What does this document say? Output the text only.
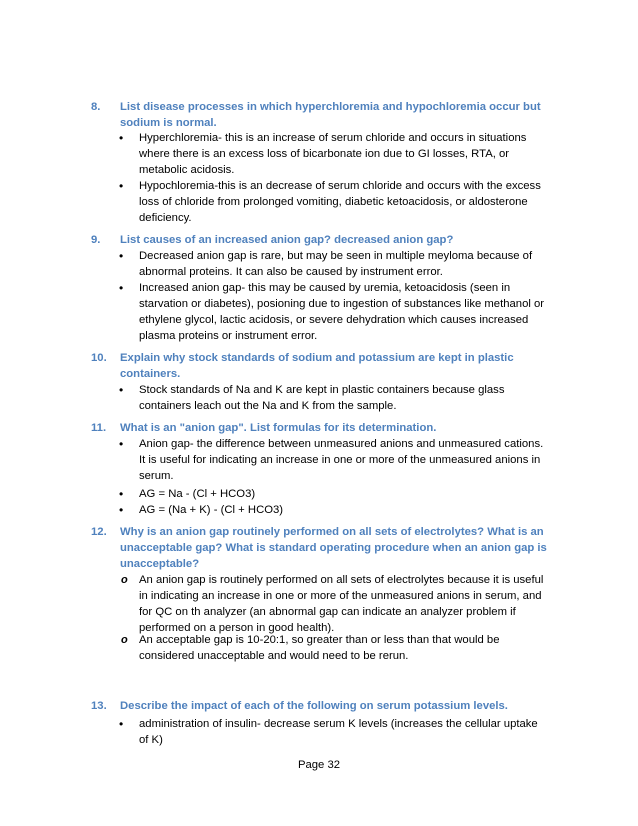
8. List disease processes in which hyperchloremia and hypochloremia occur but
sodium is normal.
• Hyperchloremia- this is an increase of serum chloride and occurs in situations
where there is an excess loss of bicarbonate ion due to GI losses, RTA, or
metabolic acidosis.
• Hypochloremia-this is an decrease of serum chloride and occurs with the excess
loss of chloride from prolonged vomiting, diabetic ketoacidosis, or aldosterone
deficiency.
9. List causes of an increased anion gap? decreased anion gap?
• Decreased anion gap is rare, but may be seen in multiple meyloma because of
abnormal proteins. It can also be caused by instrument error.
• Increased anion gap- this may be caused by uremia, ketoacidosis (seen in
starvation or diabetes), posioning due to ingestion of substances like methanol or
ethylene glycol, lactic acidosis, or severe dehydration which causes increased
plasma proteins or instrument error.
10. Explain why stock standards of sodium and potassium are kept in plastic
containers.
• Stock standards of Na and K are kept in plastic containers because glass
containers leach out the Na and K from the sample.
11. What is an "anion gap". List formulas for its determination.
• Anion gap- the difference between unmeasured anions and unmeasured cations.
It is useful for indicating an increase in one or more of the unmeasured anions in
serum.
• AG = Na - (Cl + HCO3)
• AG = (Na + K) - (Cl + HCO3)
12. Why is an anion gap routinely performed on all sets of electrolytes? What is an
unacceptable gap? What is standard operating procedure when an anion gap is
unacceptable?
o An anion gap is routinely performed on all sets of electrolytes because it is useful
in indicating an increase in one or more of the unmeasured anions in serum, and
for QC on th analyzer (an abnormal gap can indicate an analyzer problem if
performed on a person in good health).
o An acceptable gap is 10-20:1, so greater than or less than that would be
considered unacceptable and would need to be rerun.
13. Describe the impact of each of the following on serum potassium levels.
• administration of insulin- decrease serum K levels (increases the cellular uptake
of K)
Page 32
